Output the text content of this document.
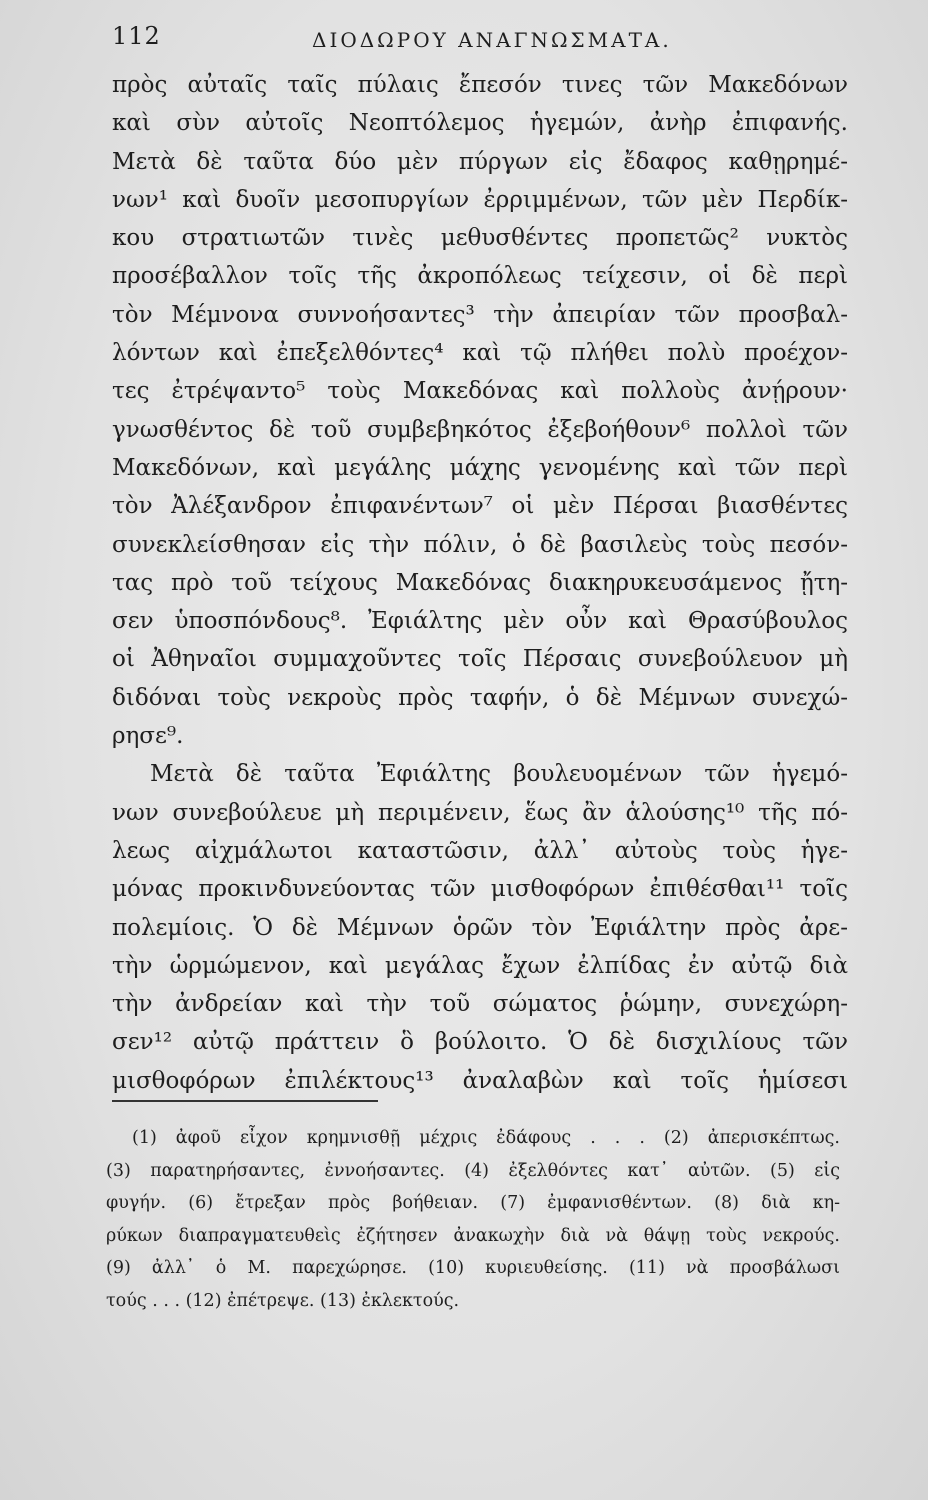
112	ΔΙΟΔΩΡΟΥ ΑΝΑΓΝΩΣΜΑΤΑ.
πρὸς αὐταῖς ταῖς πύλαις ἔπεσόν τινες τῶν Μακεδόνων
καὶ σὺν αὐτοῖς Νεοπτόλεμος ἡγεμών, ἀνὴρ ἐπιφανής.
Μετὰ δὲ ταῦτα δύο μὲν πύργων εἰς ἔδαφος καθῃρημέ-
νων¹ καὶ δυοῖν μεσοπυργίων ἐρριμμένων, τῶν μὲν Περδίκ-
κου στρατιωτῶν τινὲς μεθυσθέντες προπετῶς² νυκτὸς
προσέβαλλον τοῖς τῆς ἀκροπόλεως τείχεσιν, οἱ δὲ περὶ
τὸν Μέμνονα συννοήσαντες³ τὴν ἀπειρίαν τῶν προσβαλ-
λόντων καὶ ἐπεξελθόντες⁴ καὶ τῷ πλήθει πολὺ προέχον-
τες ἐτρέψαντο⁵ τοὺς Μακεδόνας καὶ πολλοὺς ἀνῄρουν·
γνωσθέντος δὲ τοῦ συμβεβηκότος ἐξεβοήθουν⁶ πολλοὶ τῶν
Μακεδόνων, καὶ μεγάλης μάχης γενομένης καὶ τῶν περὶ
τὸν Ἀλέξανδρον ἐπιφανέντων⁷ οἱ μὲν Πέρσαι βιασθέντες
συνεκλείσθησαν εἰς τὴν πόλιν, ὁ δὲ βασιλεὺς τοὺς πεσόν-
τας πρὸ τοῦ τείχους Μακεδόνας διακηρυκευσάμενος ᾔτη-
σεν ὑποσπόνδους⁸. Ἐφιάλτης μὲν οὖν καὶ Θρασύβουλος
οἱ Ἀθηναῖοι συμμαχοῦντες τοῖς Πέρσαις συνεβούλευον μὴ
διδόναι τοὺς νεκροὺς πρὸς ταφήν, ὁ δὲ Μέμνων συνεχώ-
ρησε⁹.
Μετὰ δὲ ταῦτα Ἐφιάλτης βουλευομένων τῶν ἡγεμό-
νων συνεβούλευε μὴ περιμένειν, ἕως ἂν ἁλούσης¹⁰ τῆς πό-
λεως αἰχμάλωτοι καταστῶσιν, ἀλλ᾽ αὐτοὺς τοὺς ἡγε-
μόνας προκινδυνεύοντας τῶν μισθοφόρων ἐπιθέσθαι¹¹ τοῖς
πολεμίοις. Ὁ δὲ Μέμνων ὁρῶν τὸν Ἐφιάλτην πρὸς ἀρε-
τὴν ὡρμώμενον, καὶ μεγάλας ἔχων ἐλπίδας ἐν αὐτῷ διὰ
τὴν ἀνδρείαν καὶ τὴν τοῦ σώματος ῥώμην, συνεχώρη-
σεν¹² αὐτῷ πράττειν ὃ βούλοιτο. Ὁ δὲ δισχιλίους τῶν
μισθοφόρων ἐπιλέκτους¹³ ἀναλαβὼν καὶ τοῖς ἡμίσεσι
(1) ἀφοῦ εἶχον κρημνισθῇ μέχρις ἐδάφους . . . (2) ἀπερισκέπτως.
(3) παρατηρήσαντες, ἐννοήσαντες. (4) ἐξελθόντες κατ᾽ αὐτῶν. (5) εἰς
φυγήν. (6) ἔτρεξαν πρὸς βοήθειαν. (7) ἐμφανισθέντων. (8) διὰ κη-
ρύκων διαπραγματευθεὶς ἐζήτησεν ἀνακωχὴν διὰ νὰ θάψῃ τοὺς νεκρούς.
(9) ἀλλ᾽ ὁ Μ. παρεχώρησε. (10) κυριευθείσης. (11) νὰ προσβάλωσι
τούς . . . (12) ἐπέτρεψε. (13) ἐκλεκτούς.
